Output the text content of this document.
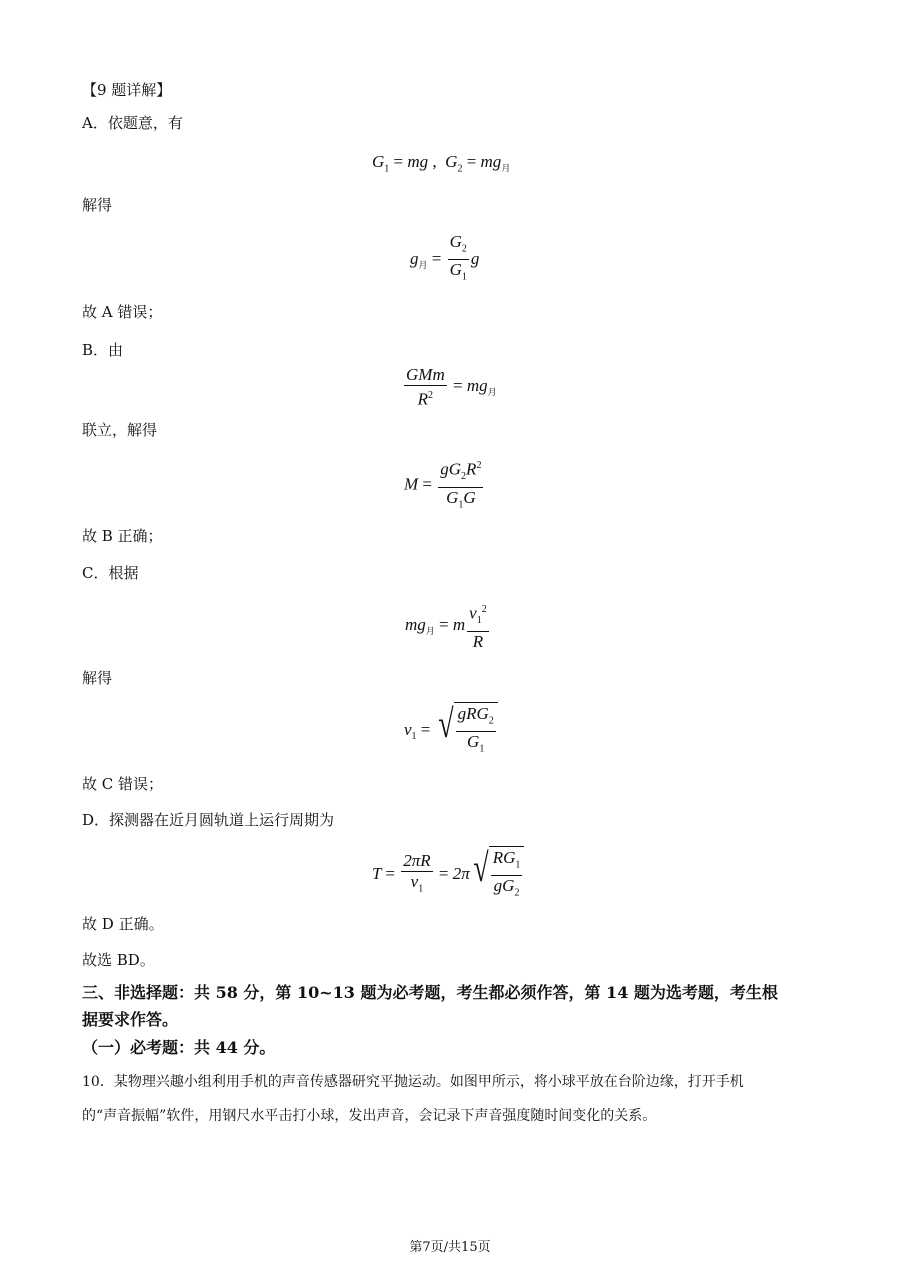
【9 题详解】
A．依题意，有
$G_1$ = mg ,  $G_2 = mg_月$
解得
$g_月 = \frac{G_2}{G_1}$ g
故 A 错误；
B．由
$\frac{\text{GMm}}{R^2} = mg_月$
联立，解得
$M = \frac{gG_2R^2}{G_1G}$
故 B 正确；
C．根据
$mg_月 = m \frac{v_1^2}{R}$
解得
$v_1$ = √ $\frac{gRG_2}{G_1}$
故 C 错误；
D．探测器在近月圆轨道上运行周期为
$T = \frac{2\pi R}{v_1} = 2\pi$ √ $\frac{RG_1}{gG_2}$
故 D 正确。
故选 BD。
三、非选择题：共 58 分，第 10~13 题为必考题，考生都必须作答，第 14 题为选考题，考生根
据要求作答。
（一）必考题：共 44 分。
10．某物理兴趣小组利用手机的声音传感器研究平抛运动。如图甲所示，将小球平放在台阶边缘，打开手机
的“声音振幅”软件，用钢尺水平击打小球，发出声音，会记录下声音强度随时间变化的关系。
第7页/共15页
